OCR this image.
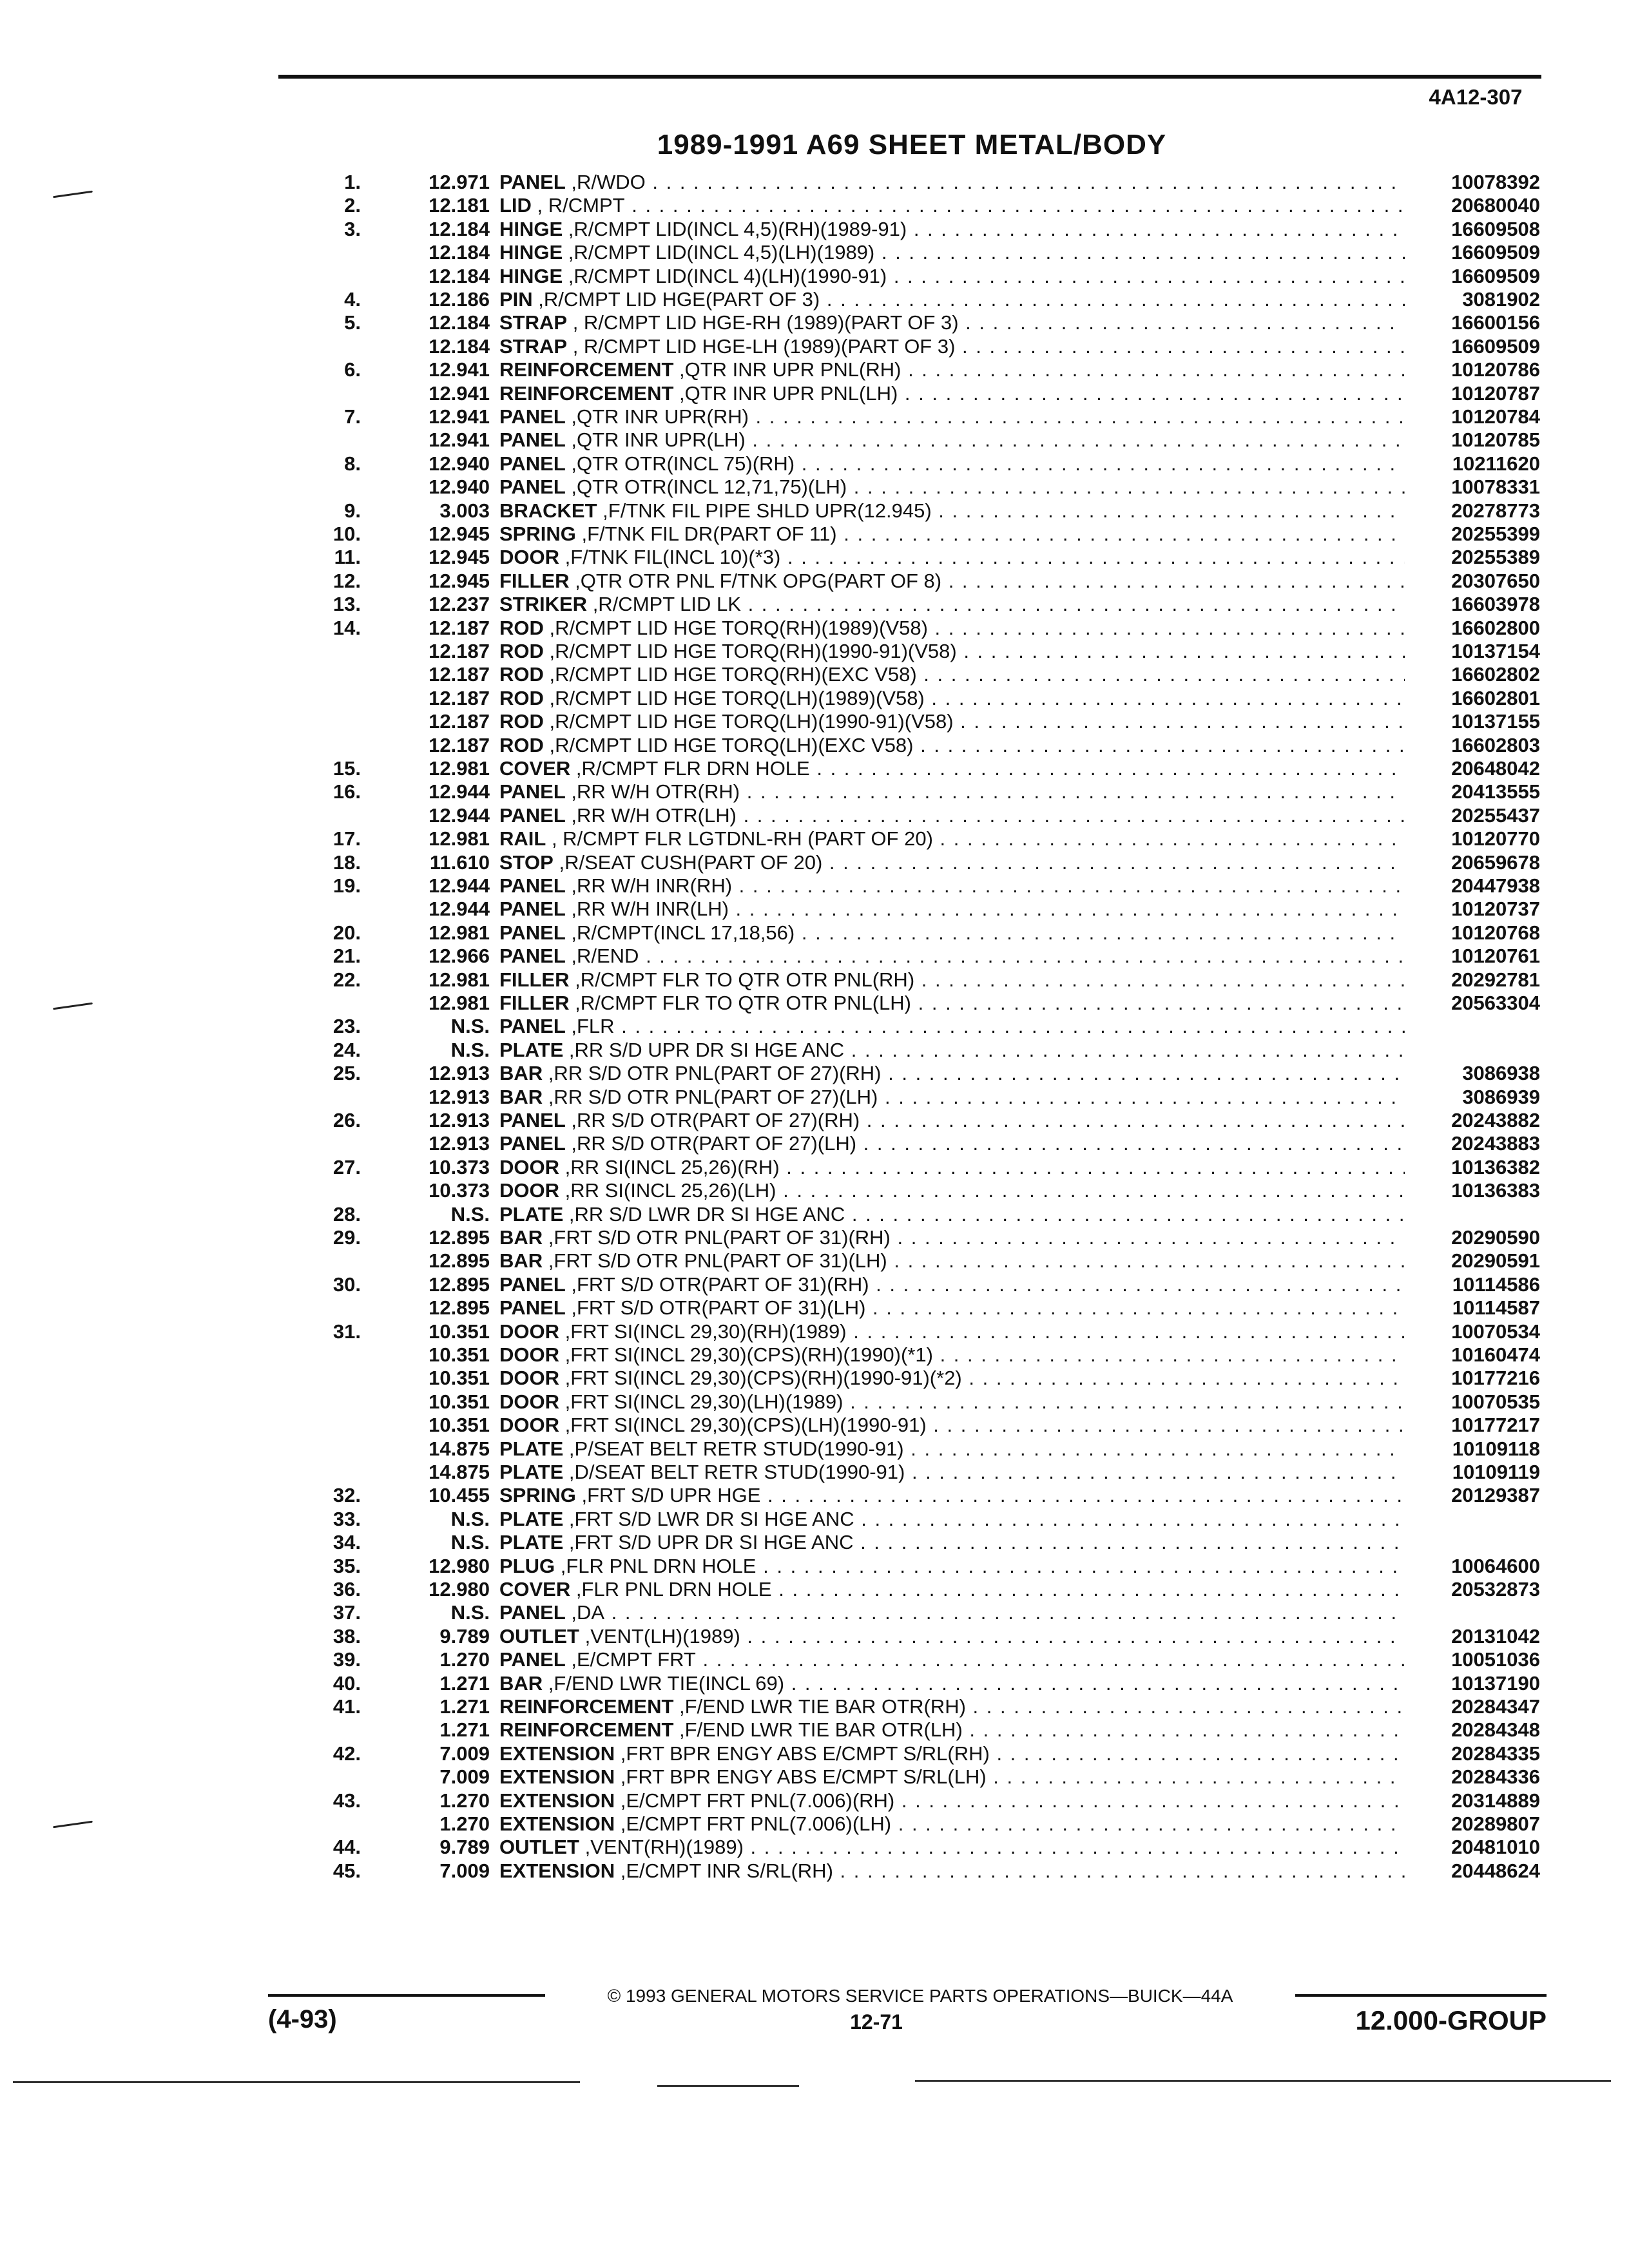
4A12-307
1989-1991 A69 SHEET METAL/BODY
1.	12.971 PANEL ,R/WDO . . .	10078392
2.	12.181 LID , R/CMPT . . .	20680040
3.	12.184 HINGE ,R/CMPT LID(INCL 4,5)(RH)(1989-91) . . .	16609508
12.184 HINGE ,R/CMPT LID(INCL 4,5)(LH)(1989) . . .	16609509
12.184 HINGE ,R/CMPT LID(INCL 4)(LH)(1990-91) . . .	16609509
4.	12.186 PIN ,R/CMPT LID HGE(PART OF 3) . . .	3081902
5.	12.184 STRAP , R/CMPT LID HGE-RH (1989)(PART OF 3) . . .	16600156
12.184 STRAP , R/CMPT LID HGE-LH (1989)(PART OF 3) . . .	16609509
6.	12.941 REINFORCEMENT ,QTR INR UPR PNL(RH) . . .	10120786
12.941 REINFORCEMENT ,QTR INR UPR PNL(LH) . . .	10120787
7.	12.941 PANEL ,QTR INR UPR(RH) . . .	10120784
12.941 PANEL ,QTR INR UPR(LH) . . .	10120785
8.	12.940 PANEL ,QTR OTR(INCL 75)(RH) . . .	10211620
12.940 PANEL ,QTR OTR(INCL 12,71,75)(LH) . . .	10078331
9.	3.003 BRACKET ,F/TNK FIL PIPE SHLD UPR(12.945) . . .	20278773
10.	12.945 SPRING ,F/TNK FIL DR(PART OF 11) . . .	20255399
11.	12.945 DOOR ,F/TNK FIL(INCL 10)(*3) . . .	20255389
12.	12.945 FILLER ,QTR OTR PNL F/TNK OPG(PART OF 8) . . .	20307650
13.	12.237 STRIKER ,R/CMPT LID LK . . .	16603978
14.	12.187 ROD ,R/CMPT LID HGE TORQ(RH)(1989)(V58) . . .	16602800
12.187 ROD ,R/CMPT LID HGE TORQ(RH)(1990-91)(V58) . . .	10137154
12.187 ROD ,R/CMPT LID HGE TORQ(RH)(EXC V58) . . .	16602802
12.187 ROD ,R/CMPT LID HGE TORQ(LH)(1989)(V58) . . .	16602801
12.187 ROD ,R/CMPT LID HGE TORQ(LH)(1990-91)(V58) . . .	10137155
12.187 ROD ,R/CMPT LID HGE TORQ(LH)(EXC V58) . . .	16602803
15.	12.981 COVER ,R/CMPT FLR DRN HOLE . . .	20648042
16.	12.944 PANEL ,RR W/H OTR(RH) . . .	20413555
12.944 PANEL ,RR W/H OTR(LH) . . .	20255437
17.	12.981 RAIL , R/CMPT FLR LGTDNL-RH (PART OF 20) . . .	10120770
18.	11.610 STOP ,R/SEAT CUSH(PART OF 20) . . .	20659678
19.	12.944 PANEL ,RR W/H INR(RH) . . .	20447938
12.944 PANEL ,RR W/H INR(LH) . . .	10120737
20.	12.981 PANEL ,R/CMPT(INCL 17,18,56) . . .	10120768
21.	12.966 PANEL ,R/END . . .	10120761
22.	12.981 FILLER ,R/CMPT FLR TO QTR OTR PNL(RH) . . .	20292781
12.981 FILLER ,R/CMPT FLR TO QTR OTR PNL(LH) . . .	20563304
23.	N.S. PANEL ,FLR . . .
24.	N.S. PLATE ,RR S/D UPR DR SI HGE ANC . . .
25.	12.913 BAR ,RR S/D OTR PNL(PART OF 27)(RH) . . .	3086938
12.913 BAR ,RR S/D OTR PNL(PART OF 27)(LH) . . .	3086939
26.	12.913 PANEL ,RR S/D OTR(PART OF 27)(RH) . . .	20243882
12.913 PANEL ,RR S/D OTR(PART OF 27)(LH) . . .	20243883
27.	10.373 DOOR ,RR SI(INCL 25,26)(RH) . . .	10136382
10.373 DOOR ,RR SI(INCL 25,26)(LH) . . .	10136383
28.	N.S. PLATE ,RR S/D LWR DR SI HGE ANC . . .
29.	12.895 BAR ,FRT S/D OTR PNL(PART OF 31)(RH) . . .	20290590
12.895 BAR ,FRT S/D OTR PNL(PART OF 31)(LH) . . .	20290591
30.	12.895 PANEL ,FRT S/D OTR(PART OF 31)(RH) . . .	10114586
12.895 PANEL ,FRT S/D OTR(PART OF 31)(LH) . . .	10114587
31.	10.351 DOOR ,FRT SI(INCL 29,30)(RH)(1989) . . .	10070534
10.351 DOOR ,FRT SI(INCL 29,30)(CPS)(RH)(1990)(*1) . . .	10160474
10.351 DOOR ,FRT SI(INCL 29,30)(CPS)(RH)(1990-91)(*2) . . .	10177216
10.351 DOOR ,FRT SI(INCL 29,30)(LH)(1989) . . .	10070535
10.351 DOOR ,FRT SI(INCL 29,30)(CPS)(LH)(1990-91) . . .	10177217
14.875 PLATE ,P/SEAT BELT RETR STUD(1990-91) . . .	10109118
14.875 PLATE ,D/SEAT BELT RETR STUD(1990-91) . . .	10109119
32.	10.455 SPRING ,FRT S/D UPR HGE . . .	20129387
33.	N.S. PLATE ,FRT S/D LWR DR SI HGE ANC . . .
34.	N.S. PLATE ,FRT S/D UPR DR SI HGE ANC . . .
35.	12.980 PLUG ,FLR PNL DRN HOLE . . .	10064600
36.	12.980 COVER ,FLR PNL DRN HOLE . . .	20532873
37.	N.S. PANEL ,DA . . .
38.	9.789 OUTLET ,VENT(LH)(1989) . . .	20131042
39.	1.270 PANEL ,E/CMPT FRT . . .	10051036
40.	1.271 BAR ,F/END LWR TIE(INCL 69) . . .	10137190
41.	1.271 REINFORCEMENT ,F/END LWR TIE BAR OTR(RH) . . .	20284347
1.271 REINFORCEMENT ,F/END LWR TIE BAR OTR(LH) . . .	20284348
42.	7.009 EXTENSION ,FRT BPR ENGY ABS E/CMPT S/RL(RH) . . .	20284335
7.009 EXTENSION ,FRT BPR ENGY ABS E/CMPT S/RL(LH) . . .	20284336
43.	1.270 EXTENSION ,E/CMPT FRT PNL(7.006)(RH) . . .	20314889
1.270 EXTENSION ,E/CMPT FRT PNL(7.006)(LH) . . .	20289807
44.	9.789 OUTLET ,VENT(RH)(1989) . . .	20481010
45.	7.009 EXTENSION ,E/CMPT INR S/RL(RH) . . .	20448624
© 1993 GENERAL MOTORS SERVICE PARTS OPERATIONS—BUICK—44A
(4-93)	12-71	12.000-GROUP
